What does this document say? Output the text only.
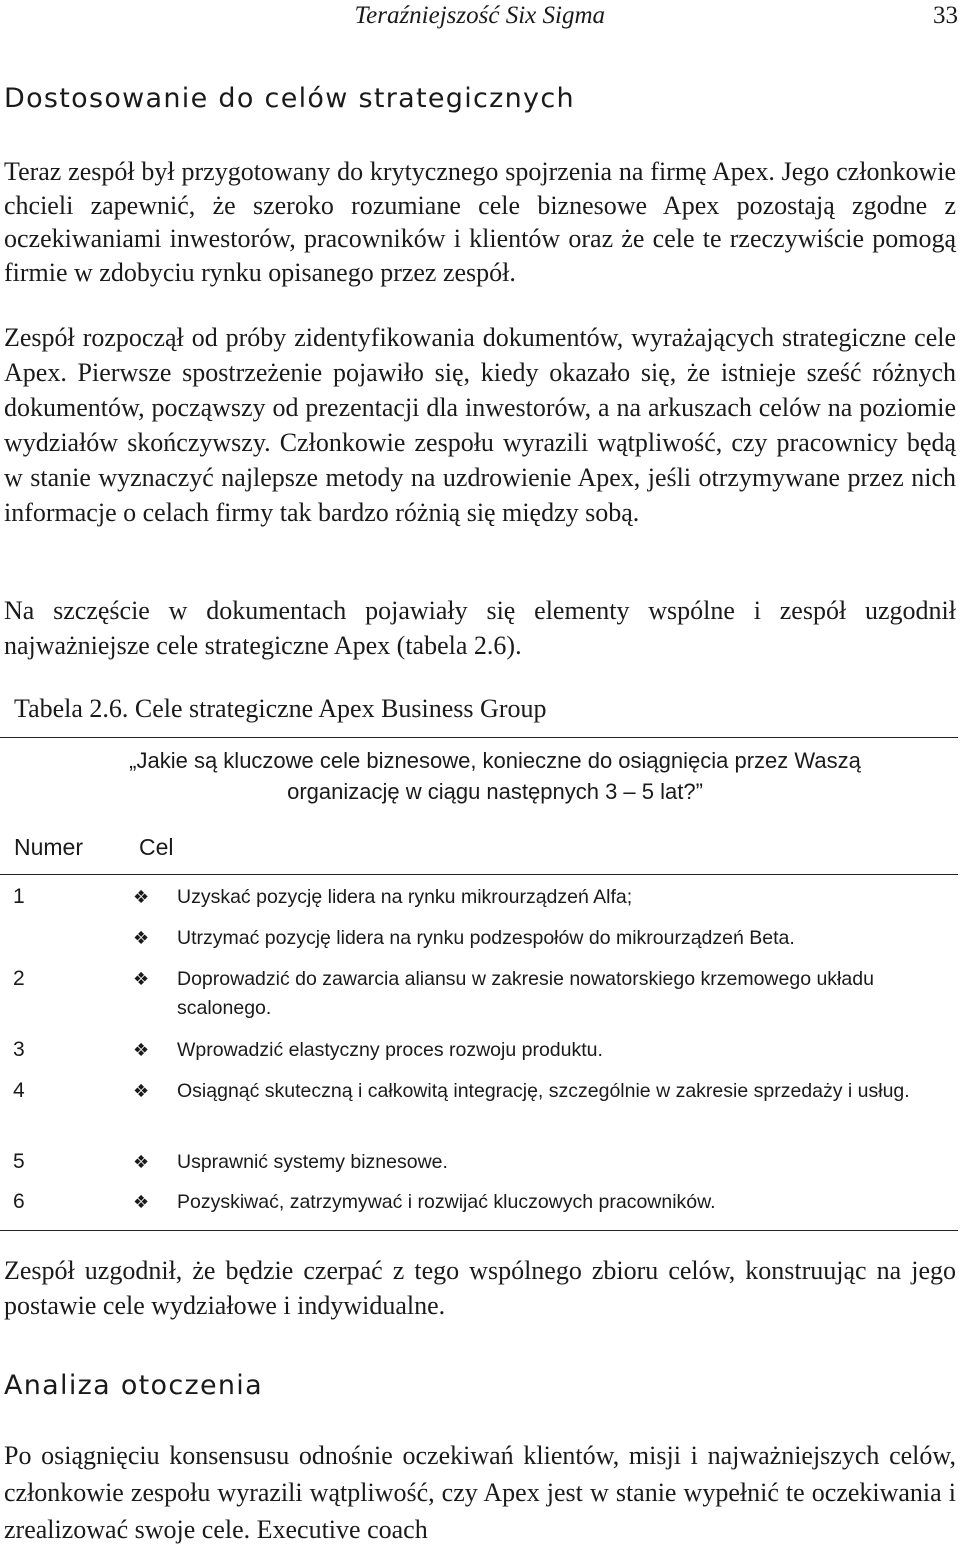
Teraźniejszość Six Sigma	33
Dostosowanie do celów strategicznych

Teraz zespół był przygotowany do krytycznego spojrzenia na firmę Apex. Jego członkowie chcieli zapewnić, że szeroko rozumiane cele biznesowe Apex pozostają zgodne z oczekiwaniami inwestorów, pracowników i klientów oraz że cele te rzeczywiście pomogą firmie w zdobyciu rynku opisanego przez zespół.

Zespół rozpoczął od próby zidentyfikowania dokumentów, wyrażających strategiczne cele Apex. Pierwsze spostrzeżenie pojawiło się, kiedy okazało się, że istnieje sześć różnych dokumentów, począwszy od prezentacji dla inwestorów, a na arkuszach celów na poziomie wydziałów skończywszy. Członkowie zespołu wyrazili wątpliwość, czy pracownicy będą w stanie wyznaczyć najlepsze metody na uzdrowienie Apex, jeśli otrzymywane przez nich informacje o celach firmy tak bardzo różnią się między sobą.

Na szczęście w dokumentach pojawiały się elementy wspólne i zespół uzgodnił najważniejsze cele strategiczne Apex (tabela 2.6).

Tabela 2.6. Cele strategiczne Apex Business Group

„Jakie są kluczowe cele biznesowe, konieczne do osiągnięcia przez Waszą
organizację w ciągu następnych 3 – 5 lat?”

Numer Cel
1	❖ Uzyskać pozycję lidera na rynku mikrourządzeń Alfa;
❖ Utrzymać pozycję lidera na rynku podzespołów do mikrourządzeń Beta.
2	❖ Doprowadzić do zawarcia aliansu w zakresie nowatorskiego krzemowego układu scalonego.
3	❖ Wprowadzić elastyczny proces rozwoju produktu.
4	❖ Osiągnąć skuteczną i całkowitą integrację, szczególnie w zakresie sprzedaży i usług.
5	❖ Usprawnić systemy biznesowe.
6	❖ Pozyskiwać, zatrzymywać i rozwijać kluczowych pracowników.

Zespół uzgodnił, że będzie czerpać z tego wspólnego zbioru celów, konstruując na jego postawie cele wydziałowe i indywidualne.

Analiza otoczenia

Po osiągnięciu konsensusu odnośnie oczekiwań klientów, misji i najważniejszych celów, członkowie zespołu wyrazili wątpliwość, czy Apex jest w stanie wypełnić te oczekiwania i zrealizować swoje cele. Executive coach
